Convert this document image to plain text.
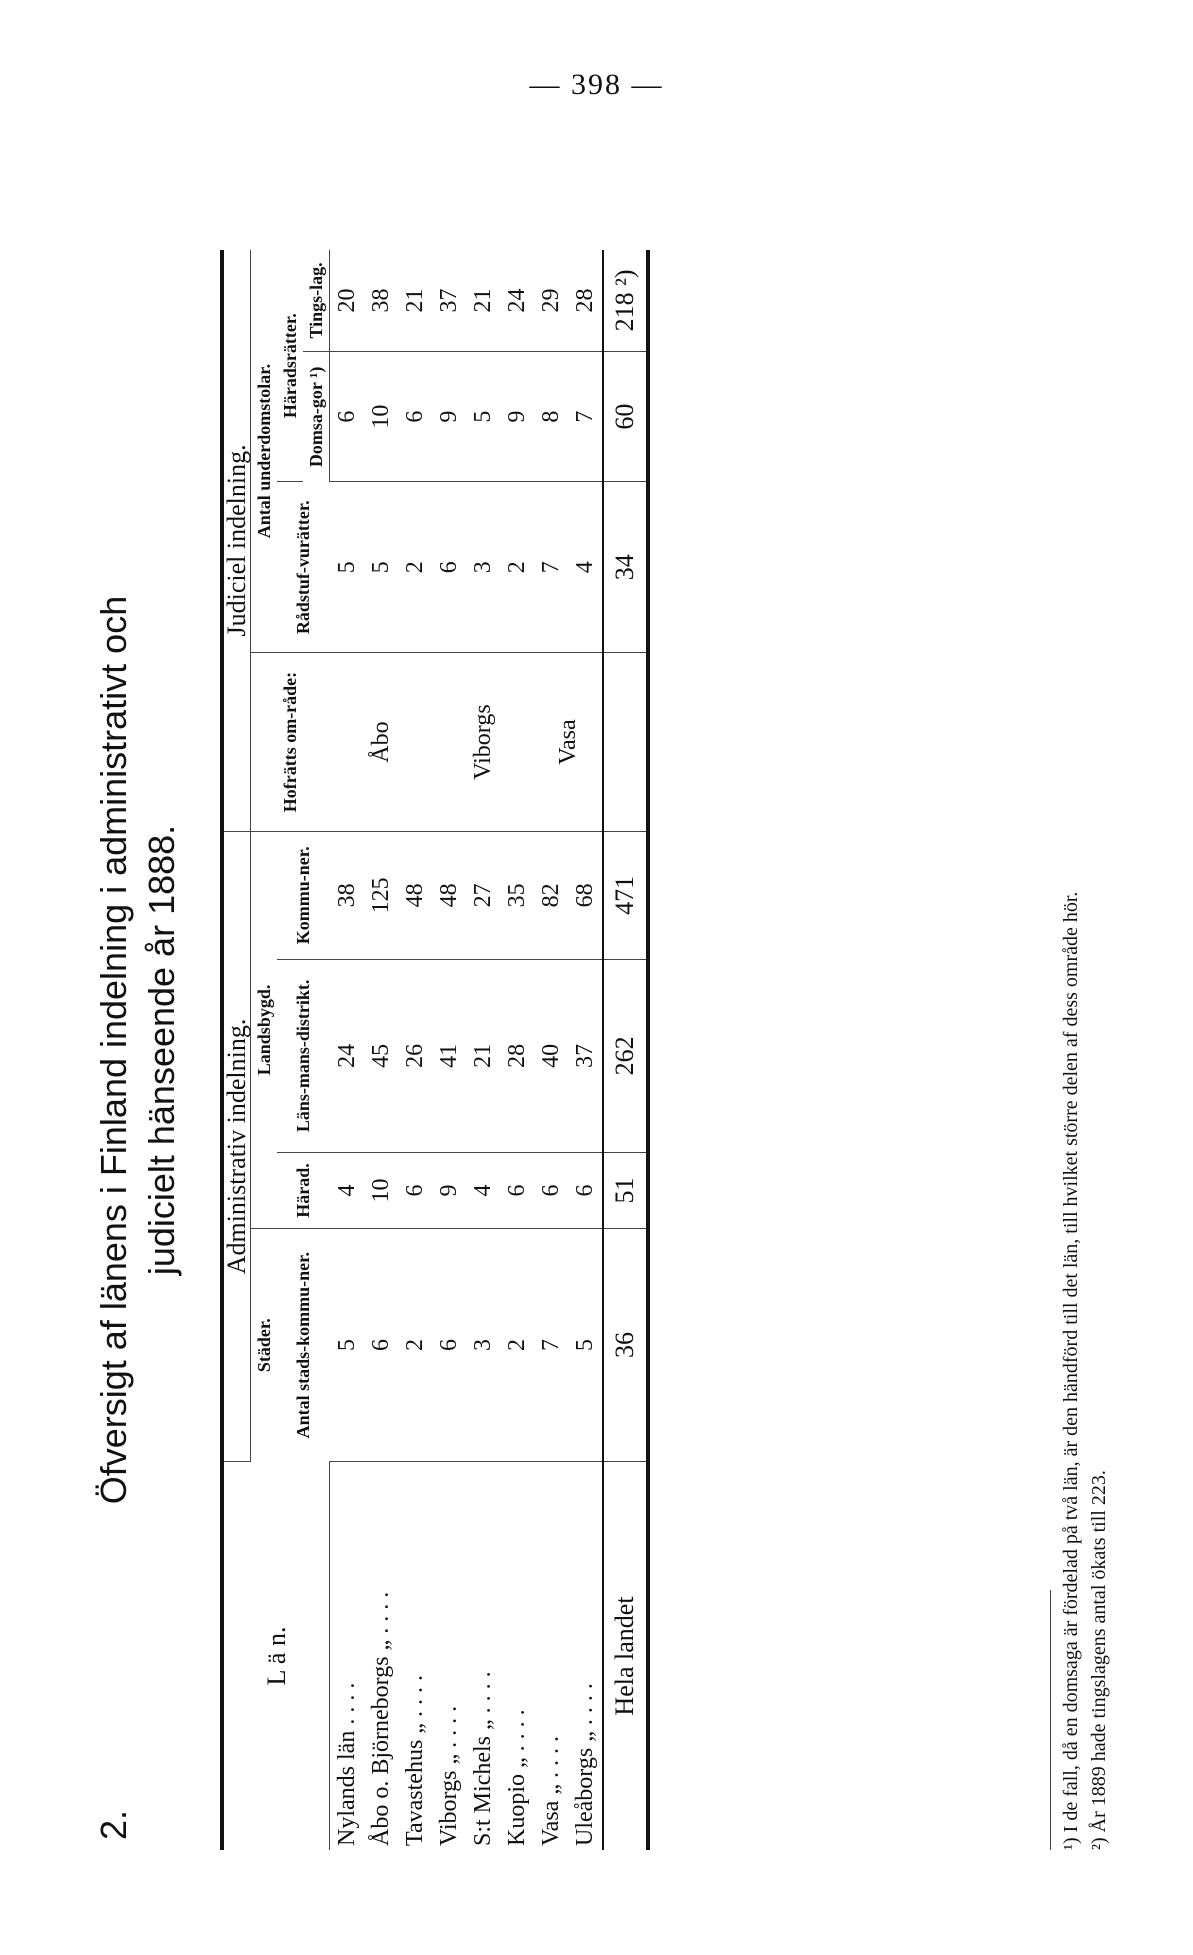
— 398 —
2.
Öfversigt af länens i Finland indelning i administrativt och judicielt hänseende år 1888.
L ä n.	Administrativ indelning.				Judiciel indelning.			
	Städer.	Landsbygd.			Hofrätts om-råde:	Antal underdomstolar.		
	Antal stads-kommu-ner.	Härad.	Läns-mans-distrikt.	Kommu-ner.		Rådstuf-vurätter.	Häradsrätter.	
							Domsa-gor ¹)	Tings-lag.
Nylands län . . . .	5	4	24	38	Åbo	5	6	20
Åbo o. Björneborgs „ . . . .	6	10	45	125		5	10	38
Tavastehus „ . . . .	2	6	26	48		2	6	21
Viborgs „ . . . .	6	9	41	48	Viborgs	6	9	37
S:t Michels „ . . . .	3	4	21	27		3	5	21
Kuopio „ . . . .	2	6	28	35		2	9	24
Vasa „ . . . .	7	6	40	82	Vasa	7	8	29
Uleåborgs „ . . . .	5	6	37	68		4	7	28
Hela landet	36	51	262	471		34	60	218 ²)
¹) I de fall, då en domsaga är fördelad på två län, är den händförd till det län, till hvilket större delen af dess område hör. ²) År 1889 hade tingslagens antal ökats till 223.
